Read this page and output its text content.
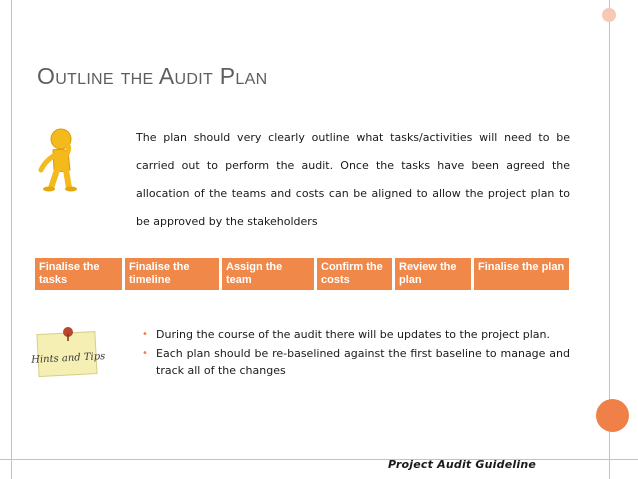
Outline the Audit Plan
The plan should very clearly outline what tasks/activities will need to be carried out to perform the audit. Once the tasks have been agreed the allocation of the teams and costs can be aligned to allow the project plan to be approved by the stakeholders
Finalise the tasks
Finalise the timeline
Assign the team
Confirm the costs
Review the plan
Finalise the plan
Hints and Tips
• During the course of the audit there will be updates to the project plan.
• Each plan should be re-baselined against the first baseline to manage and track all of the changes
Project Audit Guideline
